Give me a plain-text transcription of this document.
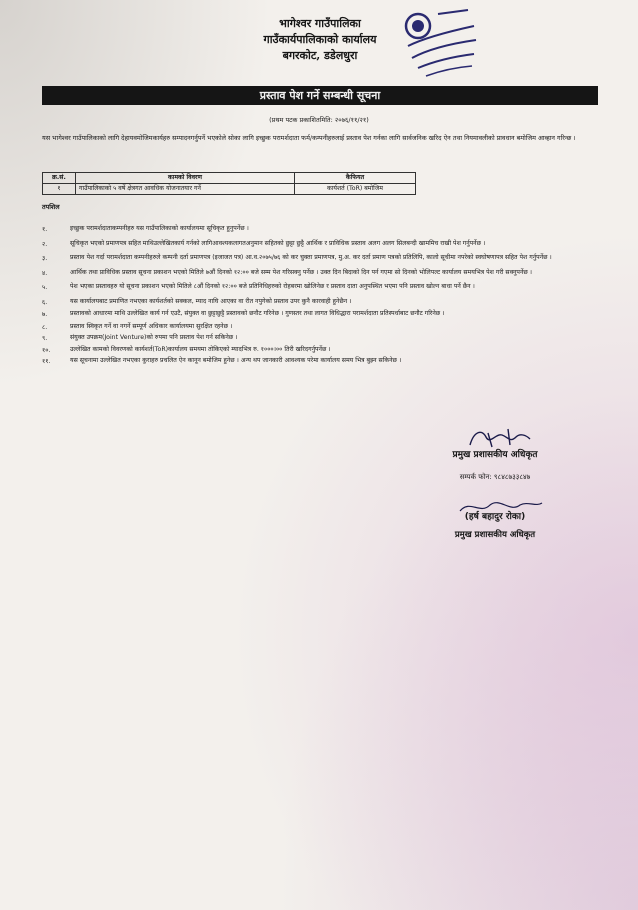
भागेश्वर गाउँपालिका
गाउँकार्यपालिकाको कार्यालय
बगरकोट, डडेलधुरा
प्रस्ताव पेश गर्ने सम्बन्धी सूचना
(प्रथम पटक प्रकाशितमिति: २०७६/११/२१)
यस भागेश्वर गाउँपालिकाको लागि देहायवमोजिमकार्यहरु सम्पादनगर्नुपर्ने भएकोले सोका लागि इच्छुक परामर्शदाता फर्म/कम्पनीहरुलाई प्रस्ताव पेश गर्नका लागि सार्वजनिक खरिद ऐन तथा नियमावलीको प्रावधान बमोजिम आव्हान गरिन्छ ।
क्र.सं.	कामको विवरण	कैफियत
१	गाउँपालिकाको ५ वर्षे क्षेत्रगत आवधिक योजनातयार गर्ने	कार्यशर्त (ToR) बमोजिम
तपशिल
१.	इच्छुक परामर्शदाताकम्पनीहरु यस गाउँपालिकाको कार्यालयमा सूचिकृत हुनुपर्नेछ ।
२.	सूचिकृत भएको प्रमाणपत्र सहित माथिउल्लेखितकार्य गर्नको लागिआवश्यकलागतअनुमान सहितको छुट्टा छुट्टै आर्थिक र प्राविधिक प्रस्ताव अलग अलग सिलबन्दी खाममिच राखी पेश गर्नुपर्नेछ ।
३.	प्रस्ताव पेश गर्दा परामर्शदाता कम्पनीहरुले कम्पनी दर्ता प्रमाणपत्र (इजाजत पत्र) आ.व.२०७५/७६ को कर चुक्ता प्रमाणपत्र, मु.अ. कर दर्ता प्रमाण पत्रको प्रतिलिपि, कालो सूचीमा नपरेको स्वघोषणापत्र सहित पेश गर्नुपर्नेछ ।
४.	आर्थिक तथा प्राविधिक प्रस्ताव सूचना प्रकाशन भएको मितिले ७औं दिनको १२:०० बजे सम्म पेश गरिसक्नु पर्नेछ । उक्त दिन बिदाको दिन पर्न गएमा सो दिनको भोलिपल्ट कार्यालय समयभित्र पेश गरी सक्नुपर्नेछ ।
५.	पेश भएका प्रस्तावहरु यो सूचना प्रकाशन भएको मितिले ८औं दिनको १२:०० बजे प्रतिनिधिहरुको रोहबरमा खोलिनेछ र प्रस्ताव दाता अनुपस्थित भएमा पनि प्रस्ताव खोल्न बाधा पर्ने छैन ।
६.	यस कार्यालयबाट प्रमाणित नभएका कार्यशर्तको सक्कल, म्याद नाघि आएका वा रीत नपुगेको प्रस्ताव उपर कुनै कारवाही हुनेछैन ।
७.	प्रस्तावको आधारमा माथि उल्लेखित कार्य गर्न एउटै, संयुक्त वा छुट्टाछुट्टै प्रस्तावको छनौट गरिनेछ । गुणस्तर तथा लागत विधिद्धारा परामर्शदाता प्रतिस्पर्धाबाट छनौट गरिनेछ ।
८.	प्रस्ताव स्विकृत गर्ने वा नगर्ने सम्पूर्ण अधिकार कार्यालयमा सुरक्षित रहनेछ ।
९.	संयुक्त उपक्रम(Joint Venture)को रुपमा पनि प्रस्ताव पेश गर्न सकिनेछ ।
१०.	उल्लेखित कामको विवरणको कार्यशर्त(ToR)कार्यालय समयमा तोकिएको म्यादभित्र रु. १०००।०० तिरी खरिदगर्नुपर्नेछ ।
११.	यस सूचनामा उल्लेखित नभएका कुराहरु प्रचलित ऐन कानून बमोजिम हुनेछ । अन्य थप जानकारी आवश्यक परेमा कार्यालय समय भित्र बुझ्न सकिनेछ ।
प्रमुख प्रशासकीय अधिकृत
सम्पर्क फोन: ९८४८७३३८४७
(हर्ष बहादुर रोका)
प्रमुख प्रशासकीय अधिकृत
